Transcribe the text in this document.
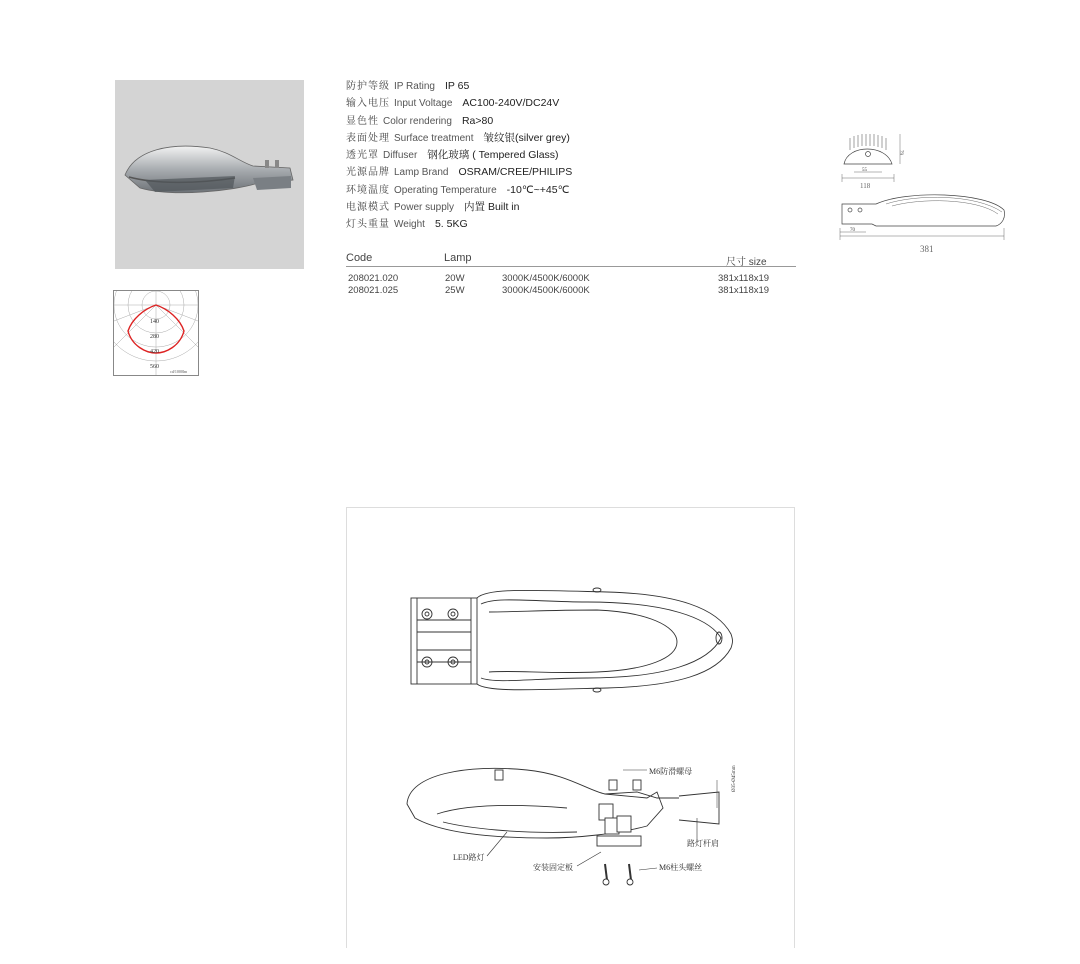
140
280
420
560
cd/1000lm
防护等级 IP Rating IP 65
输入电压 Input Voltage AC100-240V/DC24V
显色性 Color rendering Ra>80
表面处理 Surface treatment 皱纹银(silver grey)
透光罩 Diffuser 钢化玻璃 ( Tempered Glass)
光源品牌 Lamp Brand OSRAM/CREE/PHILIPS
环境温度 Operating Temperature -10℃~+45℃
电源模式 Power supply 内置 Built in
灯头重量 Weight 5. 5KG
Code	Lamp	尺寸 size
208021.020	20W	3000K/4500K/6000K	381x118x19
208021.025	25W	3000K/4500K/6000K	381x118x19
55
118
79
70
381
M6防滑螺母
路灯杆肩
LED路灯
安装固定板	M6柱头螺丝
Ø35-Ø45mm
